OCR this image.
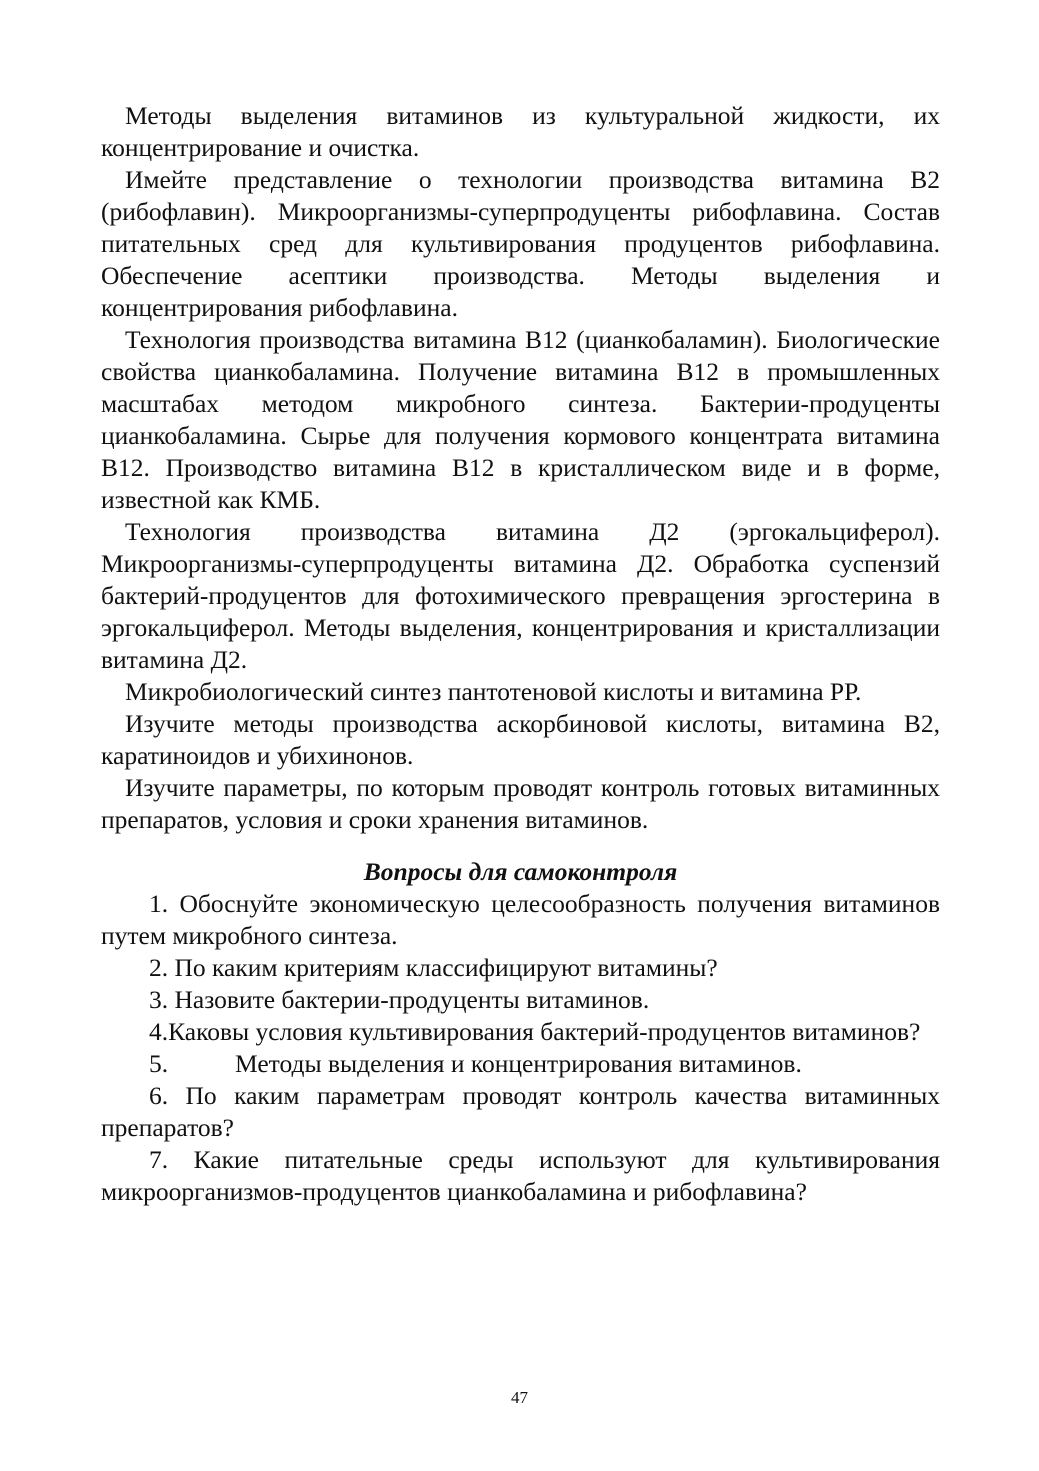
Методы выделения витаминов из культуральной жидкости, их концентрирование и очистка.

Имейте представление о технологии производства витамина В2 (рибофлавин). Микроорганизмы-суперпродуценты рибофлавина. Состав питательных сред для культивирования продуцентов рибофлавина. Обеспечение асептики производства. Методы выделения и концентрирования рибофлавина.

Технология производства витамина В12 (цианкобаламин). Биологические свойства цианкобаламина. Получение витамина В12 в промышленных масштабах методом микробного синтеза. Бактерии-продуценты цианкобаламина. Сырье для получения кормового концентрата витамина В12. Производство витамина В12 в кристаллическом виде и в форме, известной как КМБ.

Технология производства витамина Д2 (эргокальциферол). Микроорганизмы-суперпродуценты витамина Д2. Обработка суспензий бактерий-продуцентов для фотохимического превращения эргостерина в эргокальциферол. Методы выделения, концентрирования и кристаллизации витамина Д2.

Микробиологический синтез пантотеновой кислоты и витамина РР.

Изучите методы производства аскорбиновой кислоты, витамина В2, каратиноидов и убихинонов.

Изучите параметры, по которым проводят контроль готовых витаминных препаратов, условия и сроки хранения витаминов.

Вопросы для самоконтроля

1. Обоснуйте экономическую целесообразность получения витаминов путем микробного синтеза.

2. По каким критериям классифицируют витамины?

3. Назовите бактерии-продуценты витаминов.

4.Каковы условия культивирования бактерий-продуцентов витаминов?

5.	Методы выделения и концентрирования витаминов.

6. По каким параметрам проводят контроль качества витаминных препаратов?

7. Какие питательные среды используют для культивирования микроорганизмов-продуцентов цианкобаламина и рибофлавина?

47
